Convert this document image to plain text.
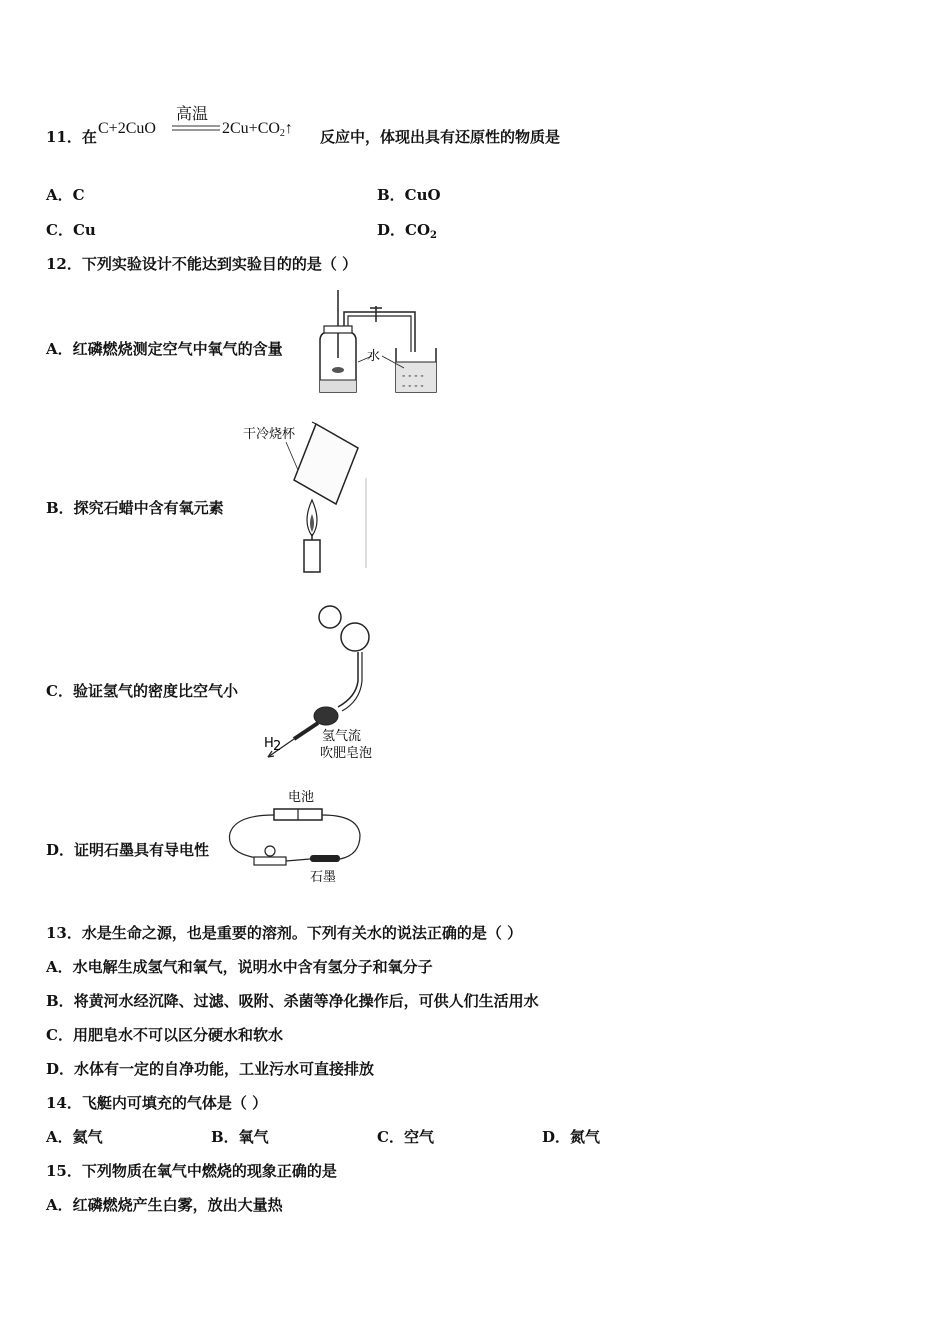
11．在 C+2CuO
高温
$2Cu+CO_2↑$ 反应中，体现出具有还原性的物质是
A．C	B．CuO
C．Cu	D．$CO_2$
12．下列实验设计不能达到实验目的的是（ ）
A．红磷燃烧测定空气中氧气的含量
- - - -
- - - -
水
B．探究石蜡中含有氧元素
干冷烧杯
C．验证氢气的密度比空气小
H 2
氢气流
吹肥皂泡
D．证明石墨具有导电性
电池
石墨
13．水是生命之源，也是重要的溶剂。下列有关水的说法正确的是（ ）
A．水电解生成氢气和氧气，说明水中含有氢分子和氧分子
B．将黄河水经沉降、过滤、吸附、杀菌等净化操作后，可供人们生活用水
C．用肥皂水不可以区分硬水和软水
D．水体有一定的自净功能，工业污水可直接排放
14．飞艇内可填充的气体是（ ）
A．氦气	B．氧气	C．空气	D．氮气
15．下列物质在氧气中燃烧的现象正确的是
A．红磷燃烧产生白雾，放出大量热
